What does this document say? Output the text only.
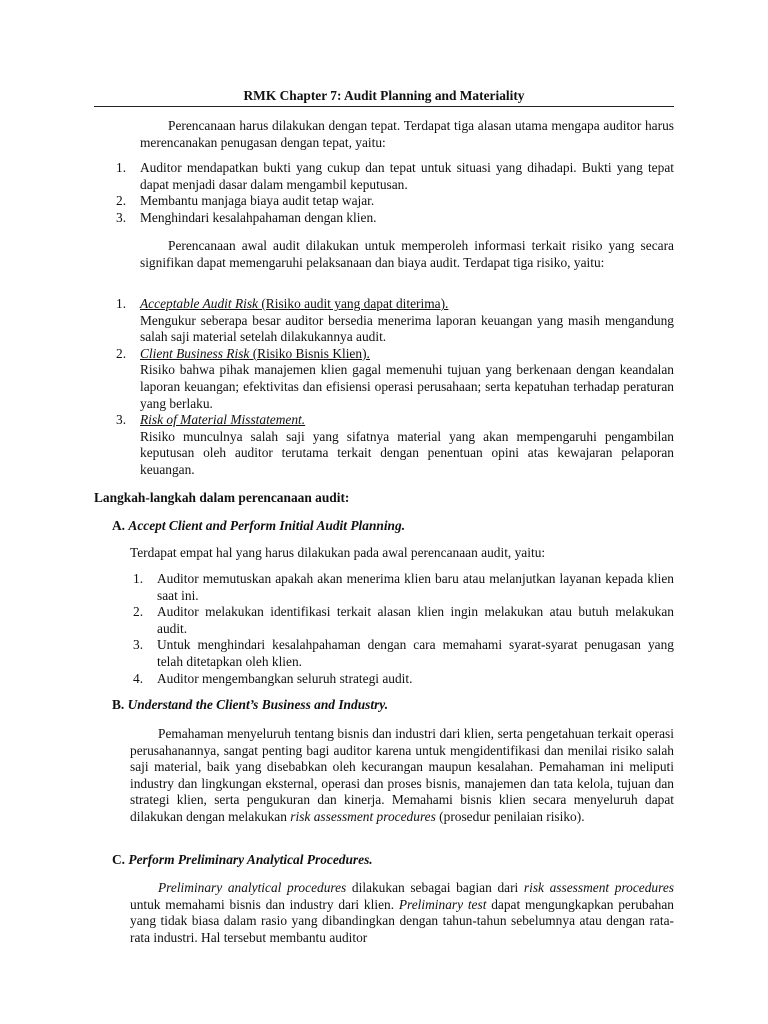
RMK Chapter 7: Audit Planning and Materiality
Perencanaan harus dilakukan dengan tepat. Terdapat tiga alasan utama mengapa auditor harus merencanakan penugasan dengan tepat, yaitu:
1. Auditor mendapatkan bukti yang cukup dan tepat untuk situasi yang dihadapi. Bukti yang tepat dapat menjadi dasar dalam mengambil keputusan.
2. Membantu manjaga biaya audit tetap wajar.
3. Menghindari kesalahpahaman dengan klien.
Perencanaan awal audit dilakukan untuk memperoleh informasi terkait risiko yang secara signifikan dapat memengaruhi pelaksanaan dan biaya audit. Terdapat tiga risiko, yaitu:
1. Acceptable Audit Risk (Risiko audit yang dapat diterima).
Mengukur seberapa besar auditor bersedia menerima laporan keuangan yang masih mengandung salah saji material setelah dilakukannya audit.
2. Client Business Risk (Risiko Bisnis Klien).
Risiko bahwa pihak manajemen klien gagal memenuhi tujuan yang berkenaan dengan keandalan laporan keuangan; efektivitas dan efisiensi operasi perusahaan; serta kepatuhan terhadap peraturan yang berlaku.
3. Risk of Material Misstatement.
Risiko munculnya salah saji yang sifatnya material yang akan mempengaruhi pengambilan keputusan oleh auditor terutama terkait dengan penentuan opini atas kewajaran pelaporan keuangan.
Langkah-langkah dalam perencanaan audit:
A. Accept Client and Perform Initial Audit Planning.
Terdapat empat hal yang harus dilakukan pada awal perencanaan audit, yaitu:
1. Auditor memutuskan apakah akan menerima klien baru atau melanjutkan layanan kepada klien saat ini.
2. Auditor melakukan identifikasi terkait alasan klien ingin melakukan atau butuh melakukan audit.
3. Untuk menghindari kesalahpahaman dengan cara memahami syarat-syarat penugasan yang telah ditetapkan oleh klien.
4. Auditor mengembangkan seluruh strategi audit.
B. Understand the Client’s Business and Industry.
Pemahaman menyeluruh tentang bisnis dan industri dari klien, serta pengetahuan terkait operasi perusahanannya, sangat penting bagi auditor karena untuk mengidentifikasi dan menilai risiko salah saji material, baik yang disebabkan oleh kecurangan maupun kesalahan. Pemahaman ini meliputi industry dan lingkungan eksternal, operasi dan proses bisnis, manajemen dan tata kelola, tujuan dan strategi klien, serta pengukuran dan kinerja. Memahami bisnis klien secara menyeluruh dapat dilakukan dengan melakukan risk assessment procedures (prosedur penilaian risiko).
C. Perform Preliminary Analytical Procedures.
Preliminary analytical procedures dilakukan sebagai bagian dari risk assessment procedures untuk memahami bisnis dan industry dari klien. Preliminary test dapat mengungkapkan perubahan yang tidak biasa dalam rasio yang dibandingkan dengan tahun-tahun sebelumnya atau dengan rata-rata industri. Hal tersebut membantu auditor
